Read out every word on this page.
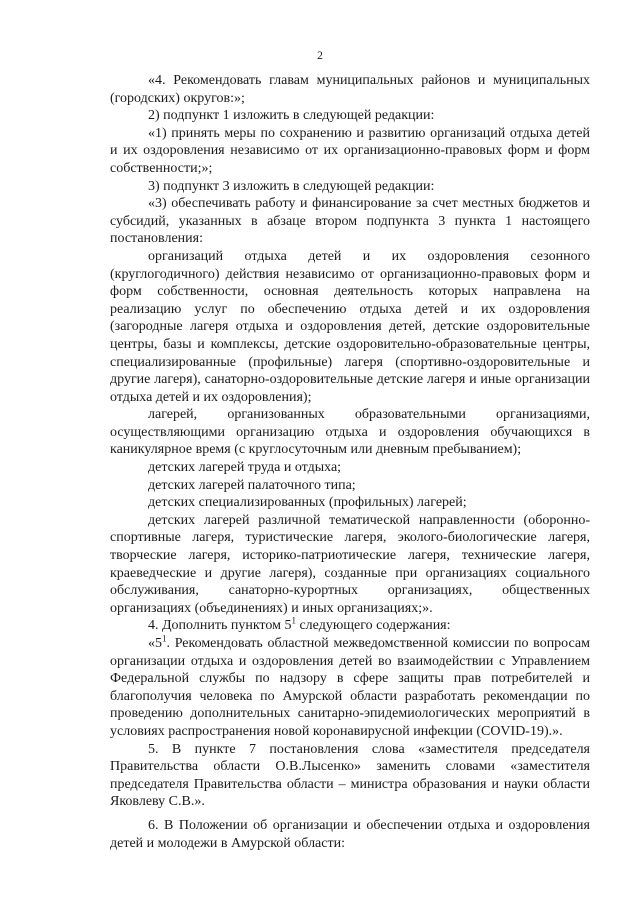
2

«4. Рекомендовать главам муниципальных районов и муниципальных (городских) округов:»;

2) подпункт 1 изложить в следующей редакции:

«1) принять меры по сохранению и развитию организаций отдыха детей и их оздоровления независимо от их организационно-правовых форм и форм собственности;»;

3) подпункт 3 изложить в следующей редакции:

«3) обеспечивать работу и финансирование за счет местных бюджетов и субсидий, указанных в абзаце втором подпункта 3 пункта 1 настоящего постановления:

организаций отдыха детей и их оздоровления сезонного (круглогодичного) действия независимо от организационно-правовых форм и форм собственности, основная деятельность которых направлена на реализацию услуг по обеспечению отдыха детей и их оздоровления (загородные лагеря отдыха и оздоровления детей, детские оздоровительные центры, базы и комплексы, детские оздоровительно-образовательные центры, специализированные (профильные) лагеря (спортивно-оздоровительные и другие лагеря), санаторно-оздоровительные детские лагеря и иные организации отдыха детей и их оздоровления);

лагерей, организованных образовательными организациями, осуществляющими организацию отдыха и оздоровления обучающихся в каникулярное время (с круглосуточным или дневным пребыванием);

детских лагерей труда и отдыха;

детских лагерей палаточного типа;

детских специализированных (профильных) лагерей;

детских лагерей различной тематической направленности (оборонно-спортивные лагеря, туристические лагеря, эколого-биологические лагеря, творческие лагеря, историко-патриотические лагеря, технические лагеря, краеведческие и другие лагеря), созданные при организациях социального обслуживания, санаторно-курортных организациях, общественных организациях (объединениях) и иных организациях;».

4. Дополнить пунктом $5^1$ следующего содержания:

«$5^1$. Рекомендовать областной межведомственной комиссии по вопросам организации отдыха и оздоровления детей во взаимодействии с Управлением Федеральной службы по надзору в сфере защиты прав потребителей и благополучия человека по Амурской области разработать рекомендации по проведению дополнительных санитарно-эпидемиологических мероприятий в условиях распространения новой коронавирусной инфекции (COVID-19).».

5. В пункте 7 постановления слова «заместителя председателя Правительства области О.В.Лысенко» заменить словами «заместителя председателя Правительства области – министра образования и науки области Яковлеву С.В.».

6. В Положении об организации и обеспечении отдыха и оздоровления детей и молодежи в Амурской области:
